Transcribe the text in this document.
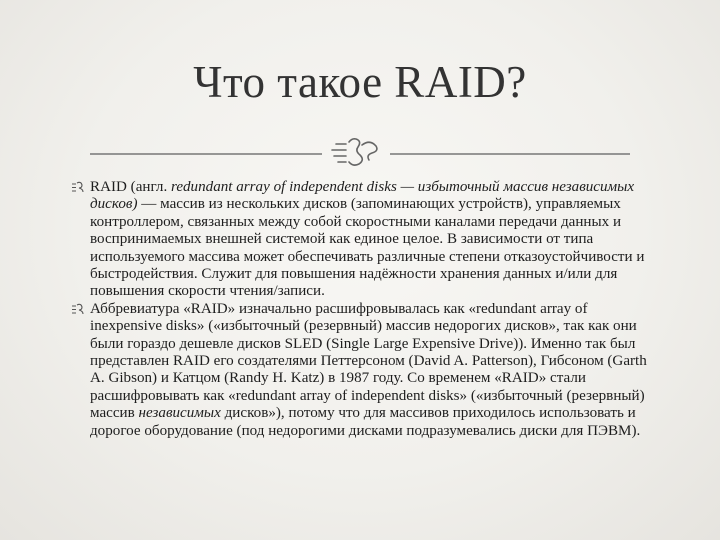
Что такое RAID?
RAID (англ. redundant array of independent disks — избыточный массив независимых дисков) — массив из нескольких дисков (запоминающих устройств), управляемых контроллером, связанных между собой скоростными каналами передачи данных и воспринимаемых внешней системой как единое целое. В зависимости от типа используемого массива может обеспечивать различные степени отказоустойчивости и быстродействия. Служит для повышения надёжности хранения данных и/или для повышения скорости чтения/записи.
Аббревиатура «RAID» изначально расшифровывалась как «redundant array of inexpensive disks» («избыточный (резервный) массив недорогих дисков», так как они были гораздо дешевле дисков SLED (Single Large Expensive Drive)). Именно так был представлен RAID его создателями Петтерсоном (David A. Patterson), Гибсоном (Garth A. Gibson) и Катцом (Randy H. Katz) в 1987 году. Со временем «RAID» стали расшифровывать как «redundant array of independent disks» («избыточный (резервный) массив независимых дисков»), потому что для массивов приходилось использовать и дорогое оборудование (под недорогими дисками подразумевались диски для ПЭВМ).
